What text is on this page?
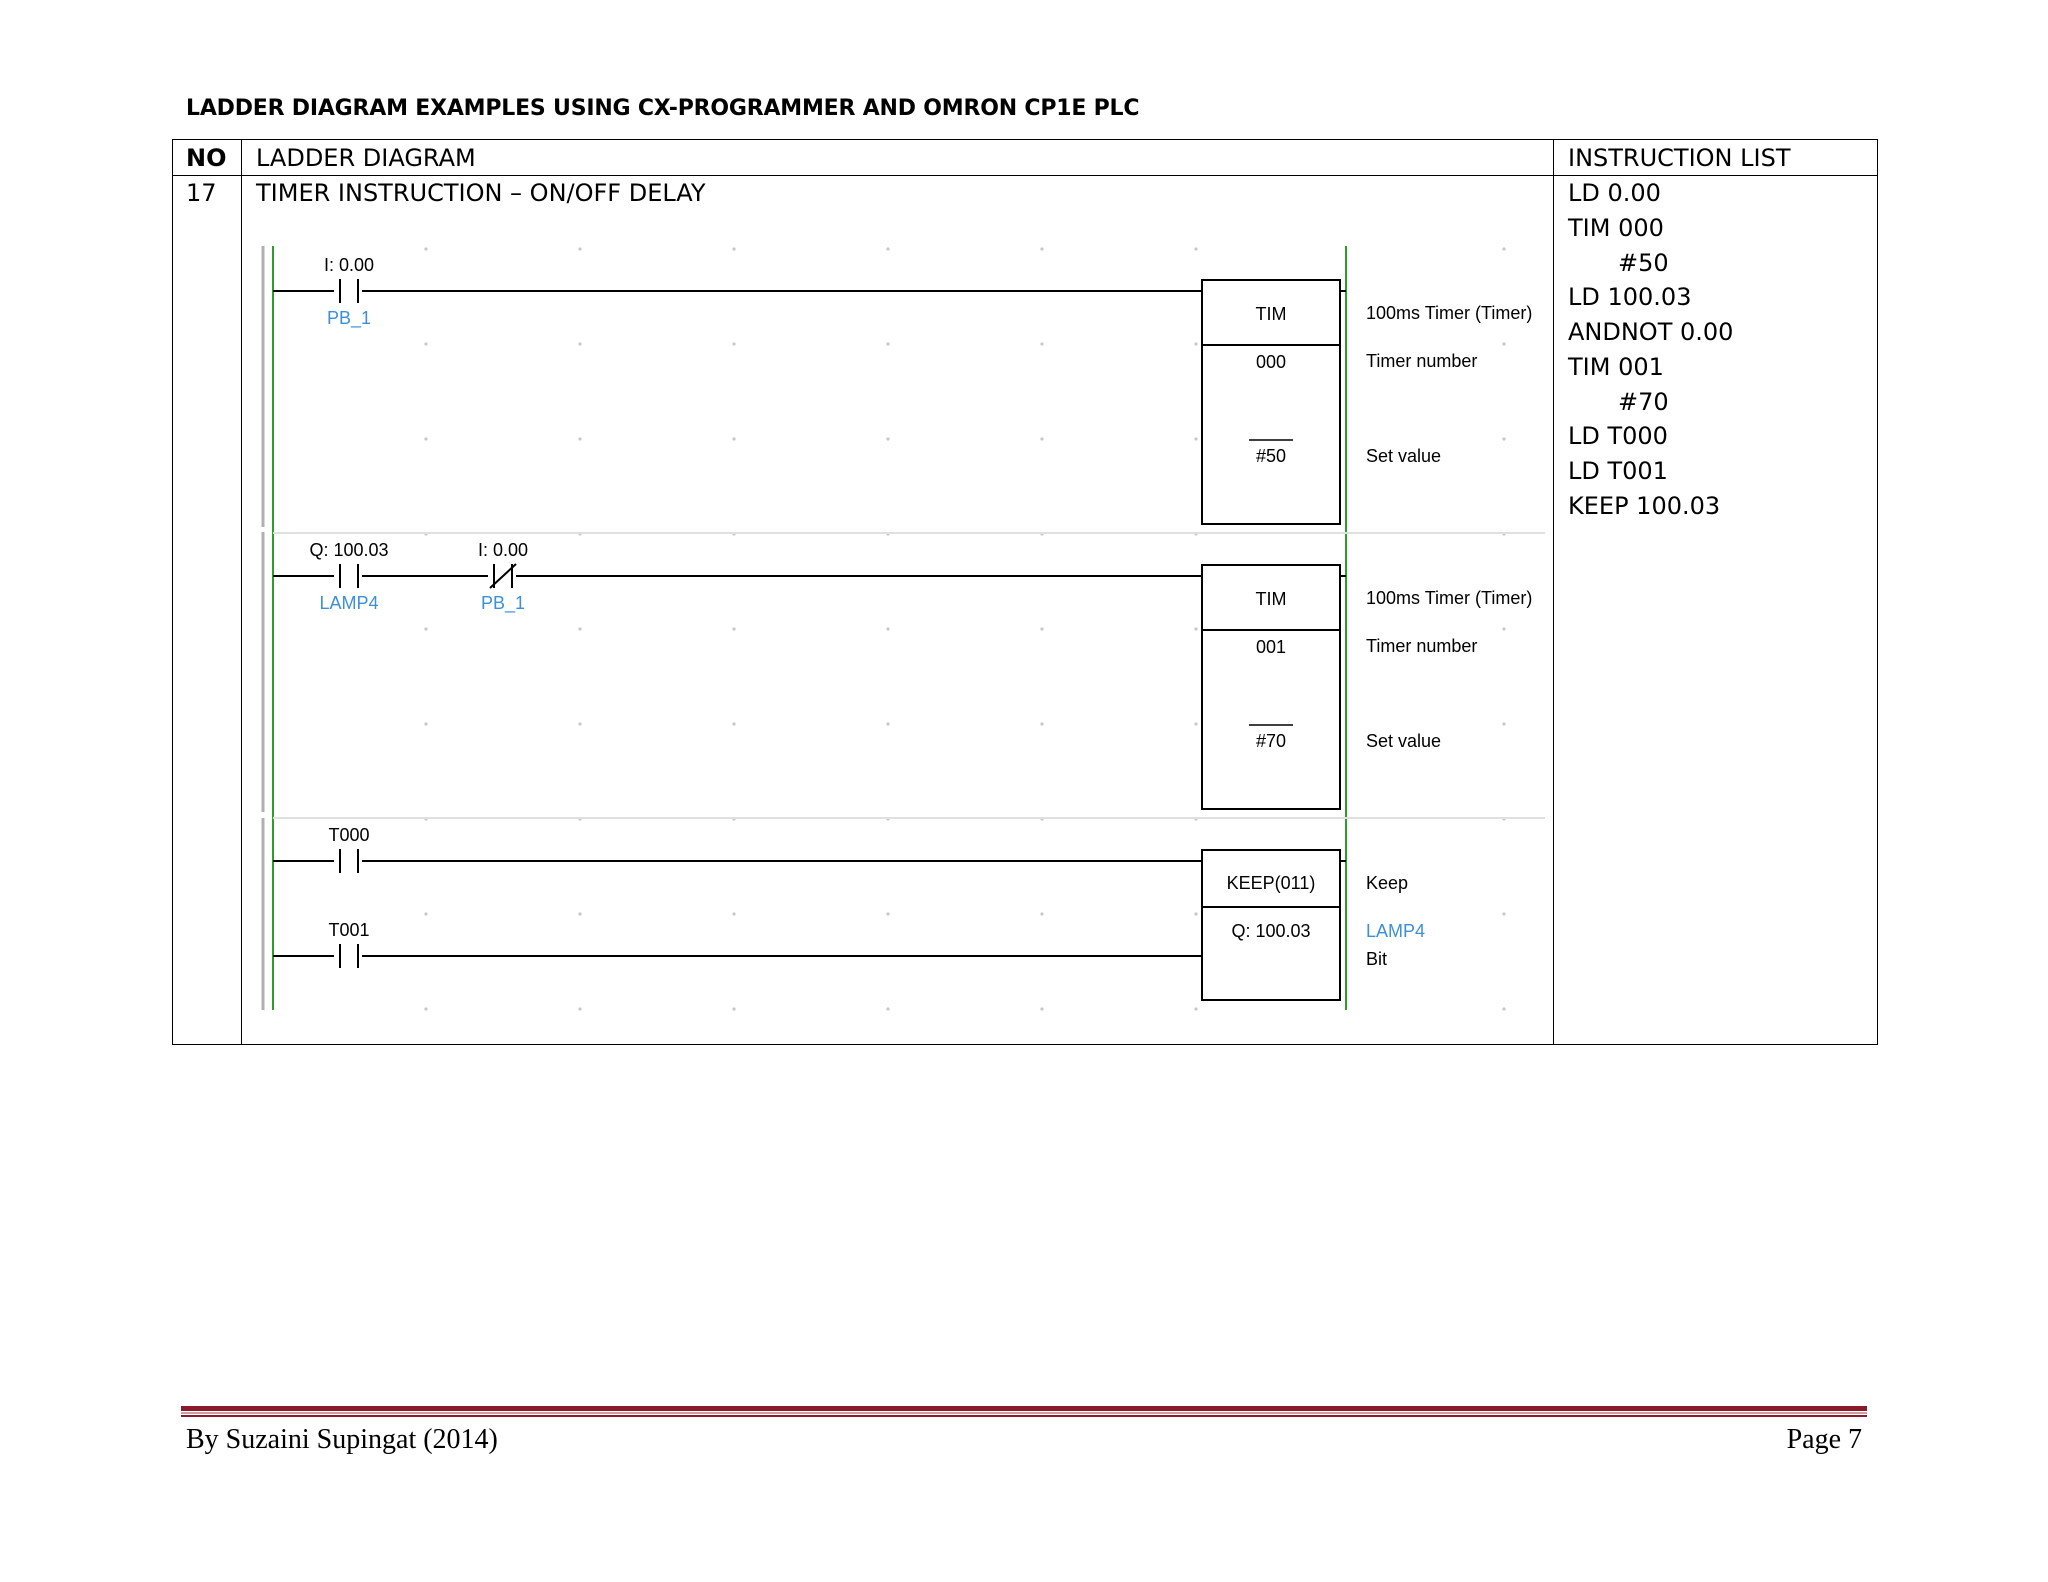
LADDER DIAGRAM EXAMPLES USING CX-PROGRAMMER AND OMRON CP1E PLC
NO LADDER DIAGRAM	INSTRUCTION LIST
17 TIMER INSTRUCTION – ON/OFF DELAY	LD 0.00
TIM 000
#50
LD 100.03
ANDNOT 0.00
TIM 001
#70
LD T000
LD T001
KEEP 100.03
I: 0.00
PB_1	TIM
000
#50
100ms Timer (Timer)
Timer number
Set value
Q: 100.03
LAMP4
I: 0.00
PB_1	TIM
001
#70
100ms Timer (Timer)
Timer number
Set value
T000
T001
KEEP(011)
Q: 100.03
Keep
LAMP4
Bit
By Suzaini Supingat (2014)	Page 7
